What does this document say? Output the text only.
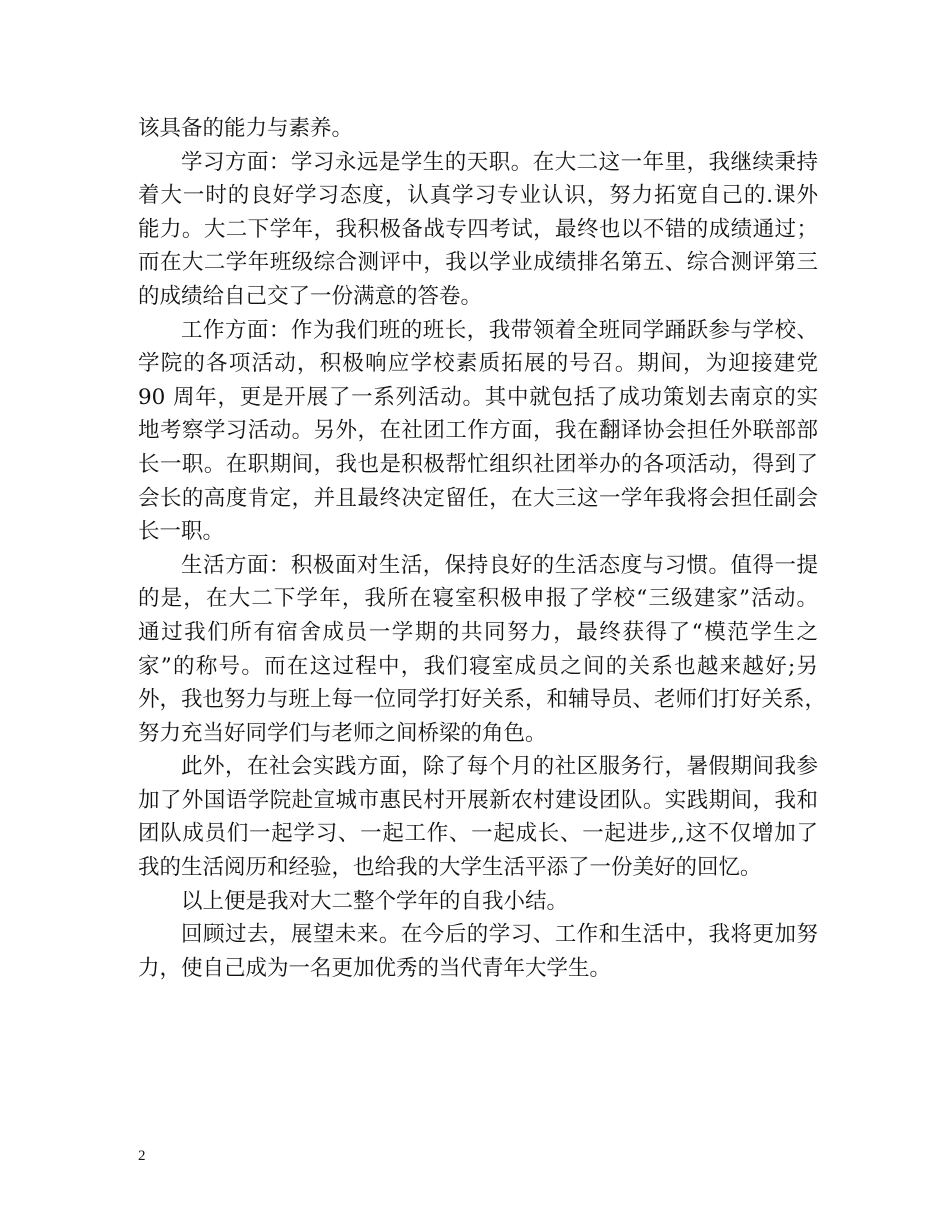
该具备的能力与素养。
学习方面：学习永远是学生的天职。在大二这一年里，我继续秉持
着大一时的良好学习态度，认真学习专业认识，努力拓宽自己的.课外
能力。大二下学年，我积极备战专四考试，最终也以不错的成绩通过；
而在大二学年班级综合测评中，我以学业成绩排名第五、综合测评第三
的成绩给自己交了一份满意的答卷。
工作方面：作为我们班的班长，我带领着全班同学踊跃参与学校、
学院的各项活动，积极响应学校素质拓展的号召。期间，为迎接建党
90 周年，更是开展了一系列活动。其中就包括了成功策划去南京的实
地考察学习活动。另外，在社团工作方面，我在翻译协会担任外联部部
长一职。在职期间，我也是积极帮忙组织社团举办的各项活动，得到了
会长的高度肯定，并且最终决定留任，在大三这一学年我将会担任副会
长一职。
生活方面：积极面对生活，保持良好的生活态度与习惯。值得一提
的是，在大二下学年，我所在寝室积极申报了学校“三级建家”活动。
通过我们所有宿舍成员一学期的共同努力，最终获得了“模范学生之
家”的称号。而在这过程中，我们寝室成员之间的关系也越来越好;另
外，我也努力与班上每一位同学打好关系，和辅导员、老师们打好关系，
努力充当好同学们与老师之间桥梁的角色。
此外，在社会实践方面，除了每个月的社区服务行，暑假期间我参
加了外国语学院赴宣城市惠民村开展新农村建设团队。实践期间，我和
团队成员们一起学习、一起工作、一起成长、一起进步,,这不仅增加了
我的生活阅历和经验，也给我的大学生活平添了一份美好的回忆。
以上便是我对大二整个学年的自我小结。
回顾过去，展望未来。在今后的学习、工作和生活中，我将更加努
力，使自己成为一名更加优秀的当代青年大学生。
2
